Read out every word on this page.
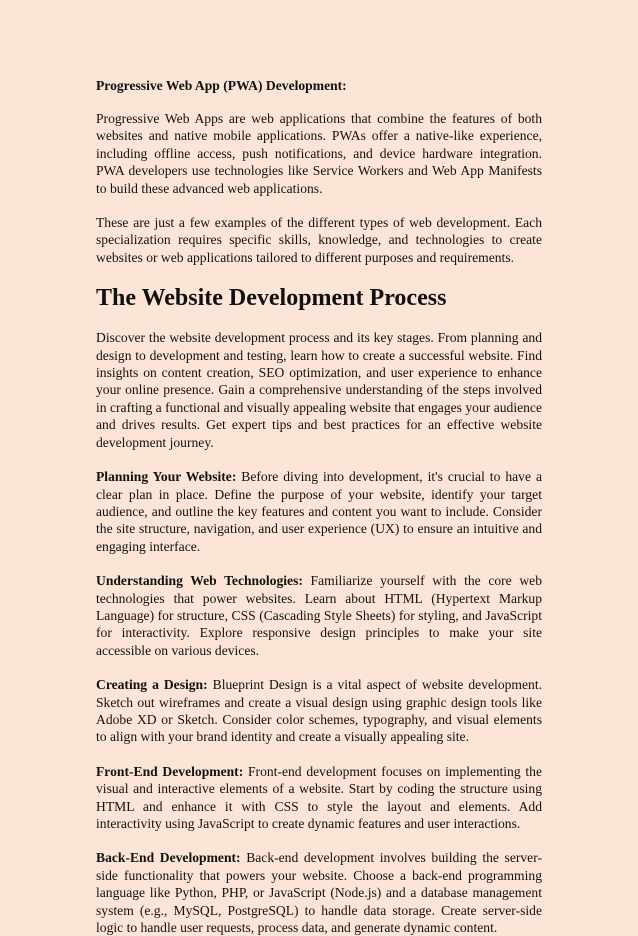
Progressive Web App (PWA) Development:

Progressive Web Apps are web applications that combine the features of both websites and native mobile applications. PWAs offer a native-like experience, including offline access, push notifications, and device hardware integration. PWA developers use technologies like Service Workers and Web App Manifests to build these advanced web applications.

These are just a few examples of the different types of web development. Each specialization requires specific skills, knowledge, and technologies to create websites or web applications tailored to different purposes and requirements.

The Website Development Process

Discover the website development process and its key stages. From planning and design to development and testing, learn how to create a successful website. Find insights on content creation, SEO optimization, and user experience to enhance your online presence. Gain a comprehensive understanding of the steps involved in crafting a functional and visually appealing website that engages your audience and drives results. Get expert tips and best practices for an effective website development journey.

Planning Your Website: Before diving into development, it's crucial to have a clear plan in place. Define the purpose of your website, identify your target audience, and outline the key features and content you want to include. Consider the site structure, navigation, and user experience (UX) to ensure an intuitive and engaging interface.

Understanding Web Technologies: Familiarize yourself with the core web technologies that power websites. Learn about HTML (Hypertext Markup Language) for structure, CSS (Cascading Style Sheets) for styling, and JavaScript for interactivity. Explore responsive design principles to make your site accessible on various devices.

Creating a Design: Blueprint Design is a vital aspect of website development. Sketch out wireframes and create a visual design using graphic design tools like Adobe XD or Sketch. Consider color schemes, typography, and visual elements to align with your brand identity and create a visually appealing site.

Front-End Development: Front-end development focuses on implementing the visual and interactive elements of a website. Start by coding the structure using HTML and enhance it with CSS to style the layout and elements. Add interactivity using JavaScript to create dynamic features and user interactions.

Back-End Development: Back-end development involves building the server-side functionality that powers your website. Choose a back-end programming language like Python, PHP, or JavaScript (Node.js) and a database management system (e.g., MySQL, PostgreSQL) to handle data storage. Create server-side logic to handle user requests, process data, and generate dynamic content.
